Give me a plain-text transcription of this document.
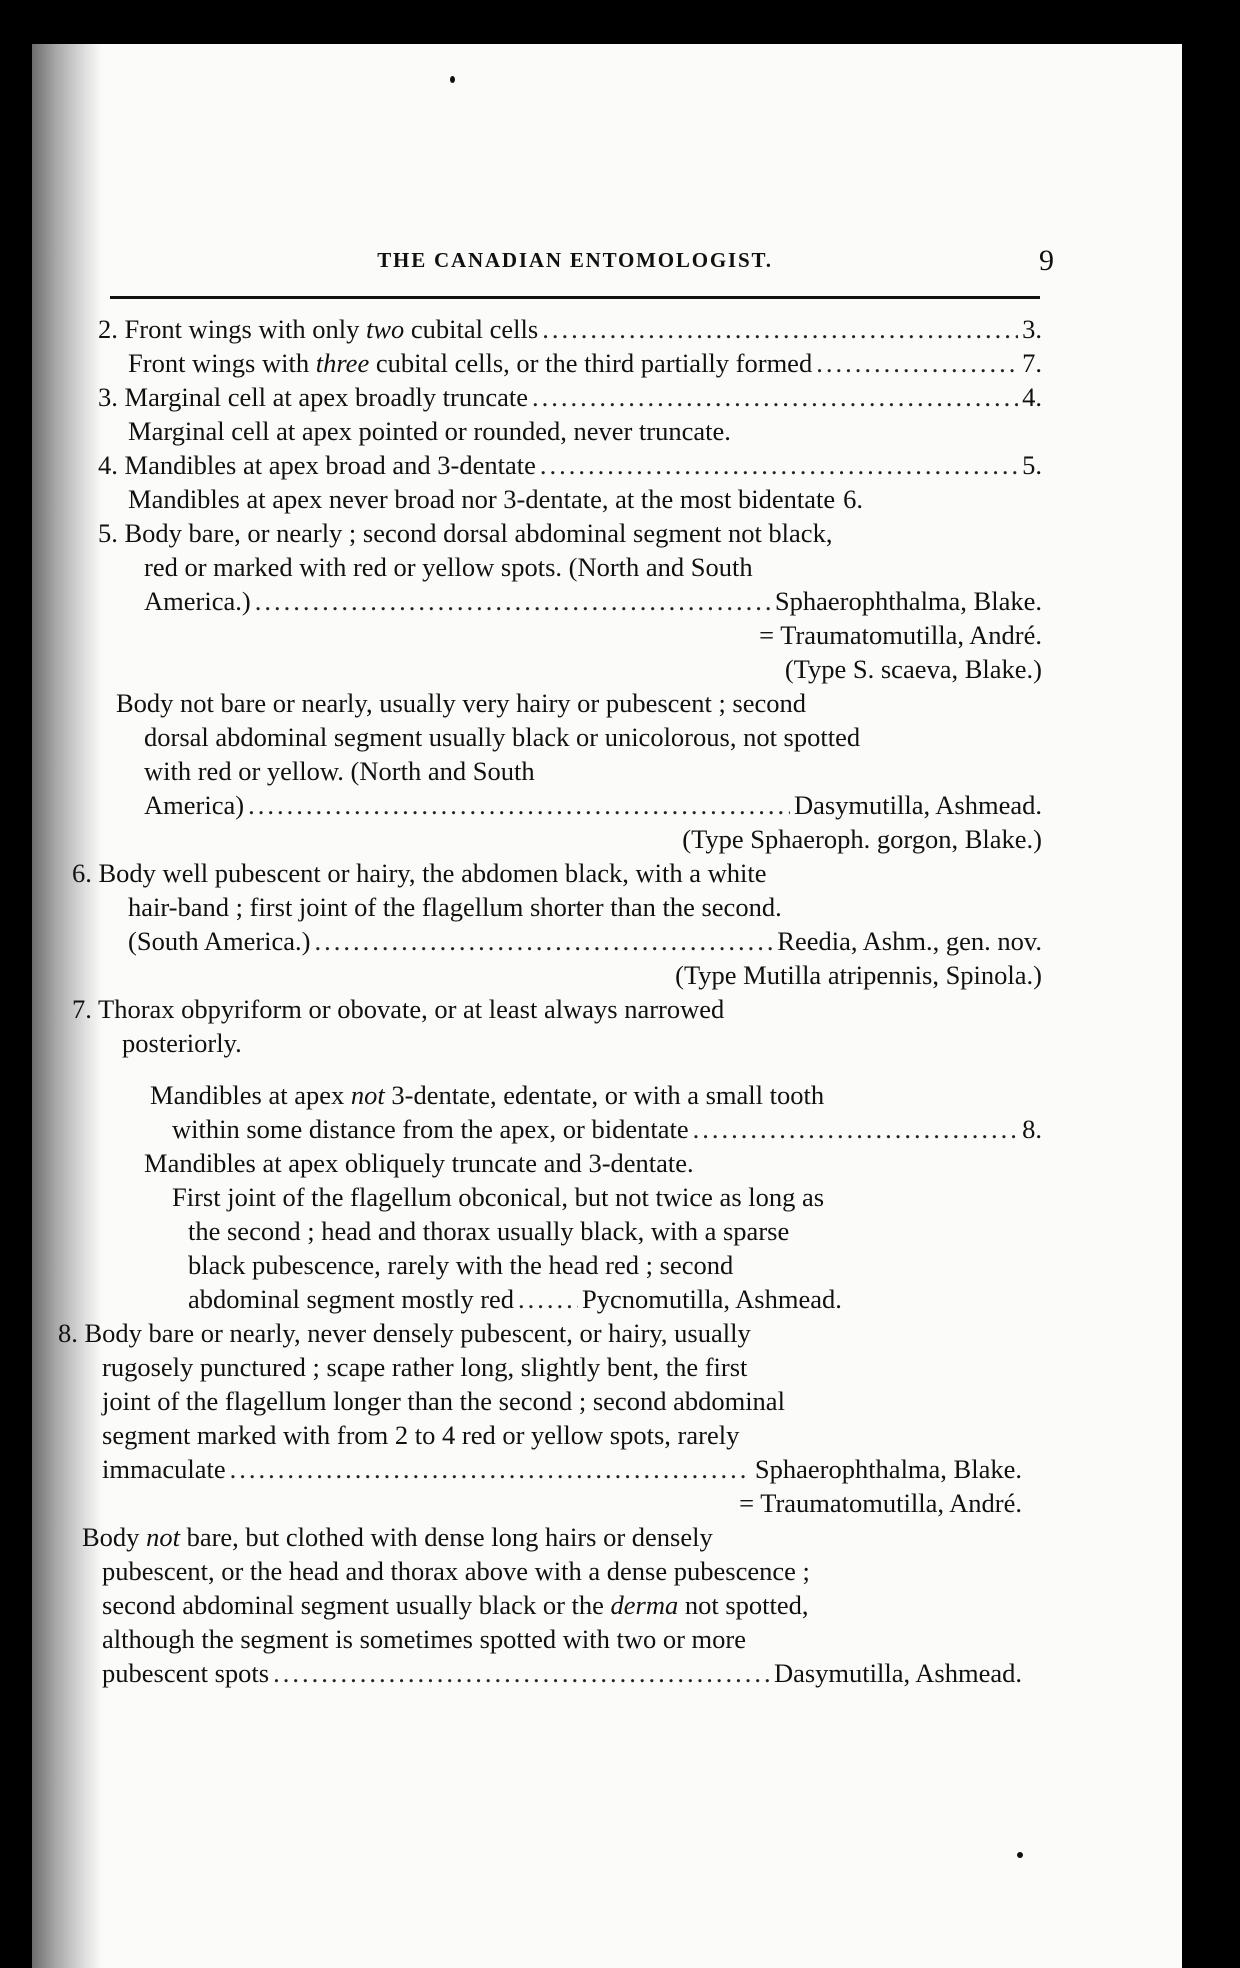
THE CANADIAN ENTOMOLOGIST.	9
2. Front wings with only two cubital cells .....	3.
Front wings with three cubital cells, or the third partially formed .....	7.
3. Marginal cell at apex broadly truncate .....	4.
Marginal cell at apex pointed or rounded, never truncate.
4. Mandibles at apex broad and 3-dentate .....	5.
Mandibles at apex never broad nor 3-dentate, at the most bidentate 6.
5. Body bare, or nearly ; second dorsal abdominal segment not black,
red or marked with red or yellow spots. (North and South
America.) .....	Sphaerophthalma, Blake.
= Traumatomutilla, André.
(Type S. scaeva, Blake.)
Body not bare or nearly, usually very hairy or pubescent ; second
dorsal abdominal segment usually black or unicolorous, not spotted
with red or yellow. (North and South
America) .....	Dasymutilla, Ashmead.
(Type Sphaeroph. gorgon, Blake.)
6. Body well pubescent or hairy, the abdomen black, with a white
hair-band ; first joint of the flagellum shorter than the second.
(South America.) .....	Reedia, Ashm., gen. nov.
(Type Mutilla atripennis, Spinola.)
7. Thorax obpyriform or obovate, or at least always narrowed
posteriorly.
Mandibles at apex not 3-dentate, edentate, or with a small tooth
within some distance from the apex, or bidentate .....	8.
Mandibles at apex obliquely truncate and 3-dentate.
First joint of the flagellum obconical, but not twice as long as
the second ; head and thorax usually black, with a sparse
black pubescence, rarely with the head red ; second
abdominal segment mostly red .....	Pycnomutilla, Ashmead.
8. Body bare or nearly, never densely pubescent, or hairy, usually
rugosely punctured ; scape rather long, slightly bent, the first
joint of the flagellum longer than the second ; second abdominal
segment marked with from 2 to 4 red or yellow spots, rarely
immaculate .....	Sphaerophthalma, Blake.
= Traumatomutilla, André.
Body not bare, but clothed with dense long hairs or densely
pubescent, or the head and thorax above with a dense pubescence ;
second abdominal segment usually black or the derma not spotted,
although the segment is sometimes spotted with two or more
pubescent spots .....	Dasymutilla, Ashmead.
